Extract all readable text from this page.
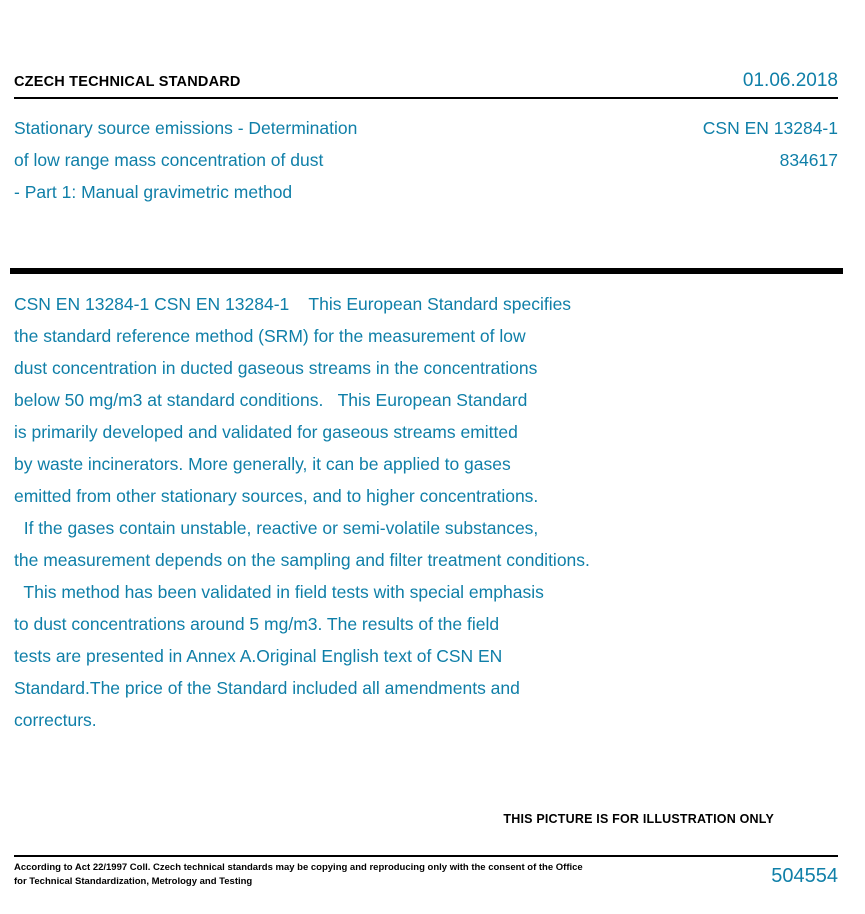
CZECH TECHNICAL STANDARD	01.06.2018
Stationary source emissions - Determination
of low range mass concentration of dust
- Part 1: Manual gravimetric method
CSN EN 13284-1
834617
CSN EN 13284-1 CSN EN 13284-1    This European Standard specifies
the standard reference method (SRM) for the measurement of low
dust concentration in ducted gaseous streams in the concentrations
below 50 mg/m3 at standard conditions.   This European Standard
is primarily developed and validated for gaseous streams emitted
by waste incinerators. More generally, it can be applied to gases
emitted from other stationary sources, and to higher concentrations.
If the gases contain unstable, reactive or semi-volatile substances,
the measurement depends on the sampling and filter treatment conditions.
This method has been validated in field tests with special emphasis
to dust concentrations around 5 mg/m3. The results of the field
tests are presented in Annex A.Original English text of CSN EN
Standard.The price of the Standard included all amendments and
correcturs.
THIS PICTURE IS FOR ILLUSTRATION ONLY
According to Act 22/1997 Coll. Czech technical standards may be copying and reproducing only with the consent of the Office
for Technical Standardization, Metrology and Testing	504554
